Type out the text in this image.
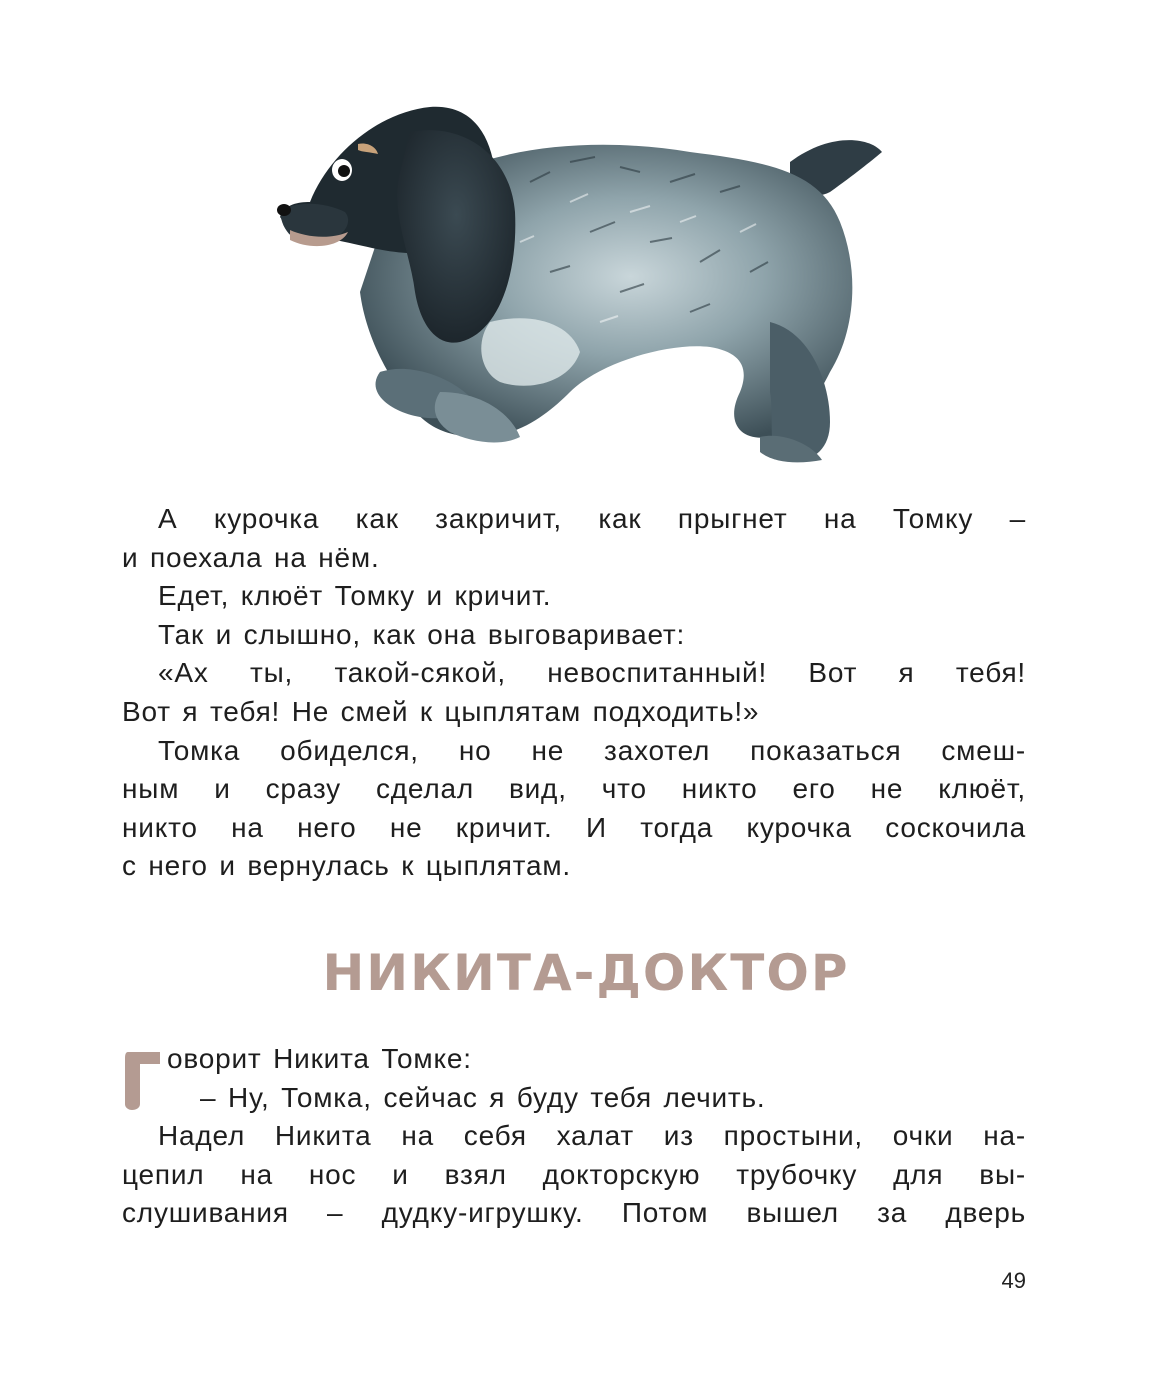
А курочка как закричит, как прыгнет на Томку –

и поехала на нём.

Едет, клюёт Томку и кричит.

Так и слышно, как она выговаривает:

«Ах ты, такой-сякой, невоспитанный! Вот я тебя!

Вот я тебя! Не смей к цыплятам подходить!»

Томка обиделся, но не захотел показаться смеш-

ным и сразу сделал вид, что никто его не клюёт,

никто на него не кричит. И тогда курочка соскочила

с него и вернулась к цыплятам.

НИКИТА-ДОКТОР
оворит Никита Томке:
– Ну, Томка, сейчас я буду тебя лечить.

Надел Никита на себя халат из простыни, очки на-

цепил на нос и взял докторскую трубочку для вы-

слушивания – дудку-игрушку. Потом вышел за дверь

49
